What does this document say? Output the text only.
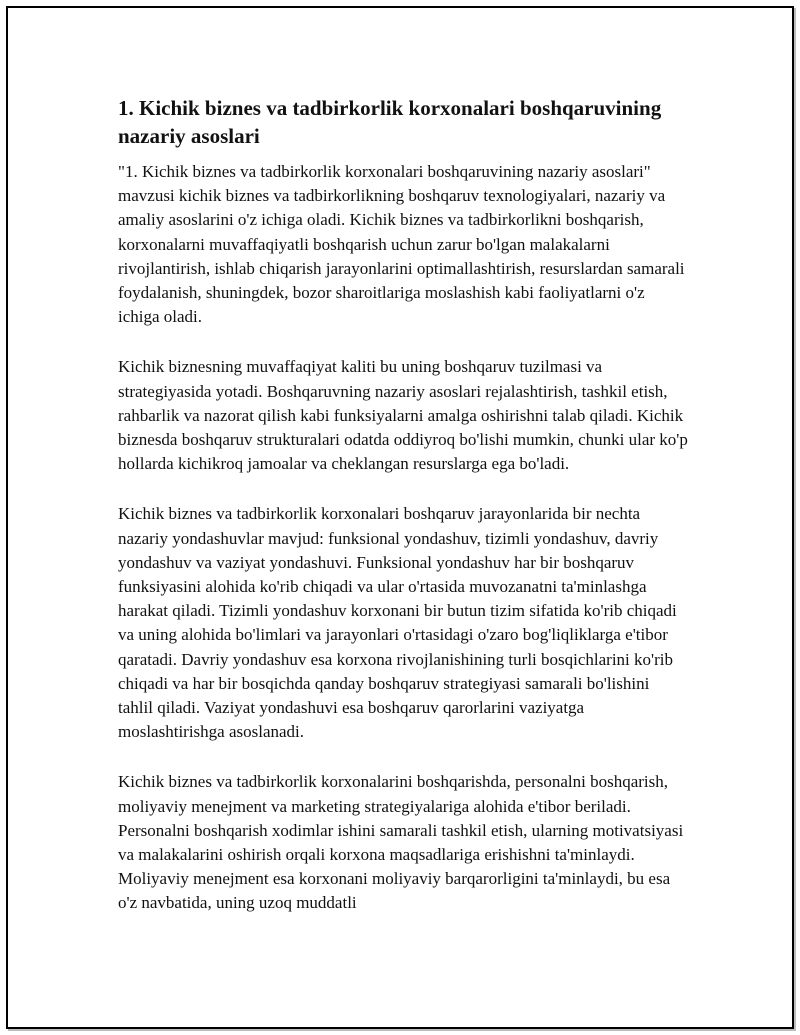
1. Kichik biznes va tadbirkorlik korxonalari boshqaruvining nazariy asoslari

"1. Kichik biznes va tadbirkorlik korxonalari boshqaruvining nazariy asoslari" mavzusi kichik biznes va tadbirkorlikning boshqaruv texnologiyalari, nazariy va amaliy asoslarini o'z ichiga oladi. Kichik biznes va tadbirkorlikni boshqarish, korxonalarni muvaffaqiyatli boshqarish uchun zarur bo'lgan malakalarni rivojlantirish, ishlab chiqarish jarayonlarini optimallashtirish, resurslardan samarali foydalanish, shuningdek, bozor sharoitlariga moslashish kabi faoliyatlarni o'z ichiga oladi.

Kichik biznesning muvaffaqiyat kaliti bu uning boshqaruv tuzilmasi va strategiyasida yotadi. Boshqaruvning nazariy asoslari rejalashtirish, tashkil etish, rahbarlik va nazorat qilish kabi funksiyalarni amalga oshirishni talab qiladi. Kichik biznesda boshqaruv strukturalari odatda oddiyroq bo'lishi mumkin, chunki ular ko'p hollarda kichikroq jamoalar va cheklangan resurslarga ega bo'ladi.

Kichik biznes va tadbirkorlik korxonalari boshqaruv jarayonlarida bir nechta nazariy yondashuvlar mavjud: funksional yondashuv, tizimli yondashuv, davriy yondashuv va vaziyat yondashuvi. Funksional yondashuv har bir boshqaruv funksiyasini alohida ko'rib chiqadi va ular o'rtasida muvozanatni ta'minlashga harakat qiladi. Tizimli yondashuv korxonani bir butun tizim sifatida ko'rib chiqadi va uning alohida bo'limlari va jarayonlari o'rtasidagi o'zaro bog'liqliklarga e'tibor qaratadi. Davriy yondashuv esa korxona rivojlanishining turli bosqichlarini ko'rib chiqadi va har bir bosqichda qanday boshqaruv strategiyasi samarali bo'lishini tahlil qiladi. Vaziyat yondashuvi esa boshqaruv qarorlarini vaziyatga moslashtirishga asoslanadi.

Kichik biznes va tadbirkorlik korxonalarini boshqarishda, personalni boshqarish, moliyaviy menejment va marketing strategiyalariga alohida e'tibor beriladi. Personalni boshqarish xodimlar ishini samarali tashkil etish, ularning motivatsiyasi va malakalarini oshirish orqali korxona maqsadlariga erishishni ta'minlaydi. Moliyaviy menejment esa korxonani moliyaviy barqarorligini ta'minlaydi, bu esa o'z navbatida, uning uzoq muddatli
